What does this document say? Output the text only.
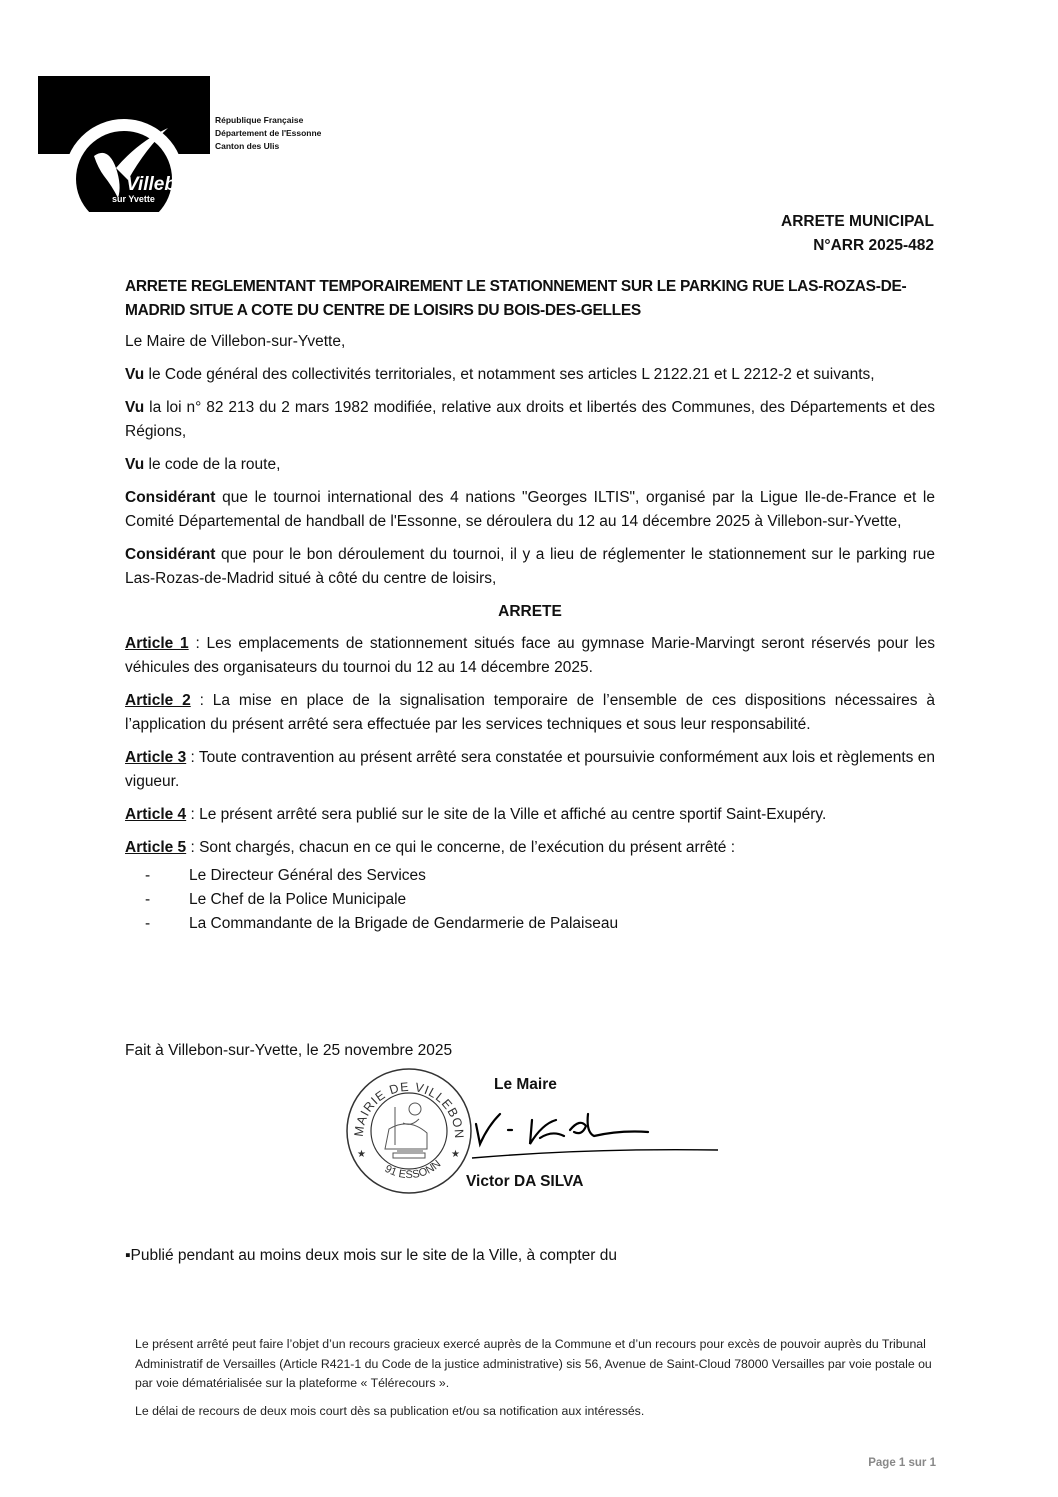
Villebon
sur Yvette
République Française
Département de l'Essonne
Canton des Ulis
ARRETE MUNICIPAL
N°ARR 2025-482
ARRETE REGLEMENTANT TEMPORAIREMENT LE STATIONNEMENT SUR LE PARKING RUE LAS-ROZAS-DE-MADRID SITUE A COTE DU CENTRE DE LOISIRS DU BOIS-DES-GELLES

Le Maire de Villebon-sur-Yvette,

Vu le Code général des collectivités territoriales, et notamment ses articles L 2122.21 et L 2212-2 et suivants,

Vu la loi n° 82 213 du 2 mars 1982 modifiée, relative aux droits et libertés des Communes, des Départements et des Régions,

Vu le code de la route,

Considérant que le tournoi international des 4 nations "Georges ILTIS", organisé par la Ligue Ile-de-France et le Comité Départemental de handball de l'Essonne, se déroulera du 12 au 14 décembre 2025 à Villebon-sur-Yvette,

Considérant que pour le bon déroulement du tournoi, il y a lieu de réglementer le stationnement sur le parking rue Las-Rozas-de-Madrid situé à côté du centre de loisirs,

ARRETE

Article 1 : Les emplacements de stationnement situés face au gymnase Marie-Marvingt seront réservés pour les véhicules des organisateurs du tournoi du 12 au 14 décembre 2025.

Article 2 : La mise en place de la signalisation temporaire de l’ensemble de ces dispositions nécessaires à l’application du présent arrêté sera effectuée par les services techniques et sous leur responsabilité.

Article 3 : Toute contravention au présent arrêté sera constatée et poursuivie conformément aux lois et règlements en vigueur.

Article 4 : Le présent arrêté sera publié sur le site de la Ville et affiché au centre sportif Saint-Exupéry.

Article 5 : Sont chargés, chacun en ce qui le concerne, de l’exécution du présent arrêté :

-	Le Directeur Général des Services
-	Le Chef de la Police Municipale
-	La Commandante de la Brigade de Gendarmerie de Palaiseau
Fait à Villebon-sur-Yvette, le 25 novembre 2025
MAIRIE DE VILLEBON
91 ESSONN
★	★
Le Maire
Victor DA SILVA
▪Publié pendant au moins deux mois sur le site de la Ville, à compter du

Le présent arrêté peut faire l’objet d’un recours gracieux exercé auprès de la Commune et d’un recours pour excès de pouvoir auprès du Tribunal Administratif de Versailles (Article R421-1 du Code de la justice administrative) sis 56, Avenue de Saint-Cloud 78000 Versailles par voie postale ou par voie dématérialisée sur la plateforme « Télérecours ».

Le délai de recours de deux mois court dès sa publication et/ou sa notification aux intéressés.

Page 1 sur 1
